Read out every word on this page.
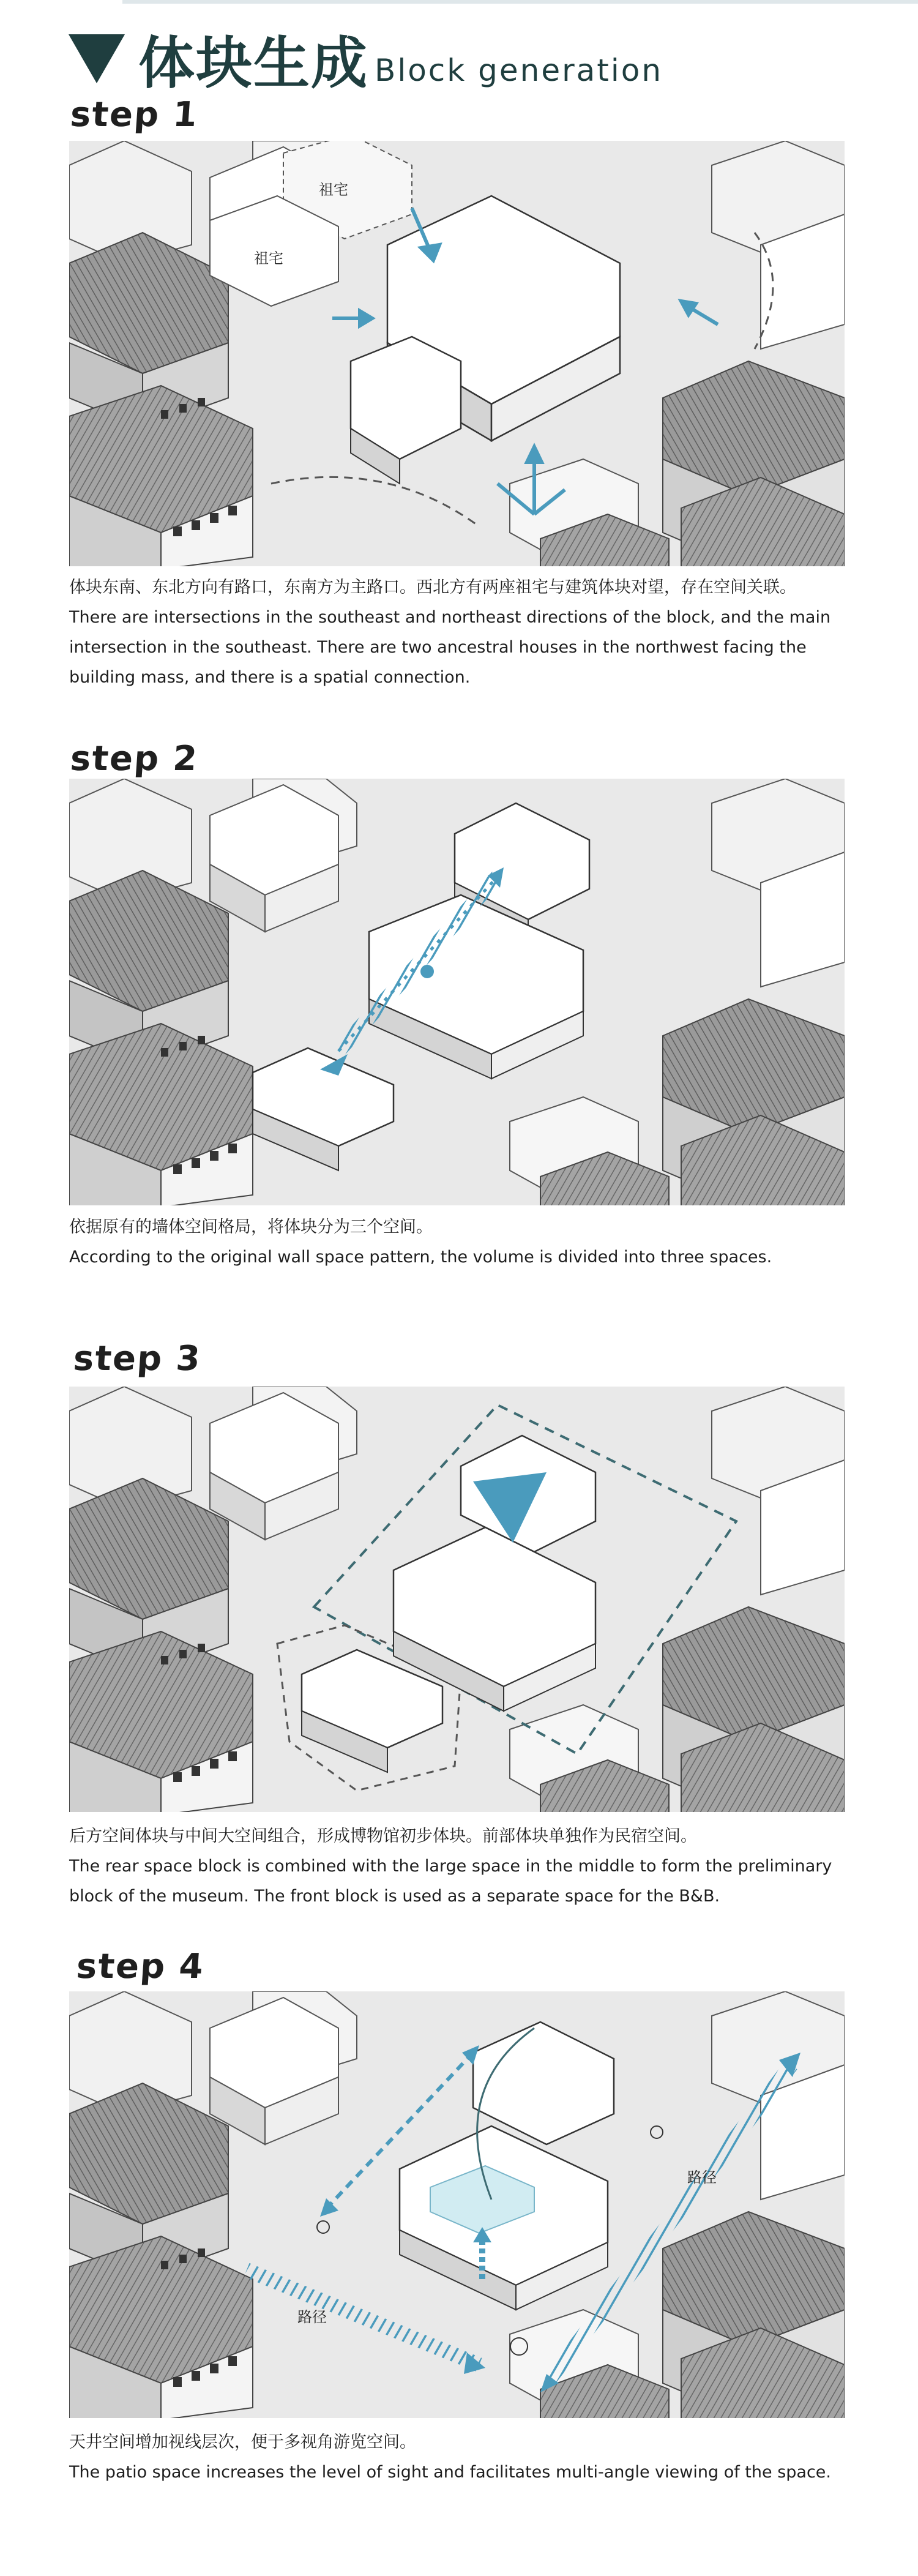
体块生成 Block generation
step 1
祖宅
祖宅

体块东南、东北方向有路口，东南方为主路口。西北方有两座祖宅与建筑体块对望，存在空间关联。

There are intersections in the southeast and northeast directions of the block, and the main intersection in the southeast. There are two ancestral houses in the northwest facing the building mass, and there is a spatial connection.

step 2

依据原有的墙体空间格局，将体块分为三个空间。

According to the original wall space pattern, the volume is divided into three spaces.

step 3

后方空间体块与中间大空间组合，形成博物馆初步体块。前部体块单独作为民宿空间。

The rear space block is combined with the large space in the middle to form the preliminary block of the museum. The front block is used as a separate space for the B&B.

step 4
路径
路径

天井空间增加视线层次，便于多视角游览空间。

The patio space increases the level of sight and facilitates multi-angle viewing of the space.
